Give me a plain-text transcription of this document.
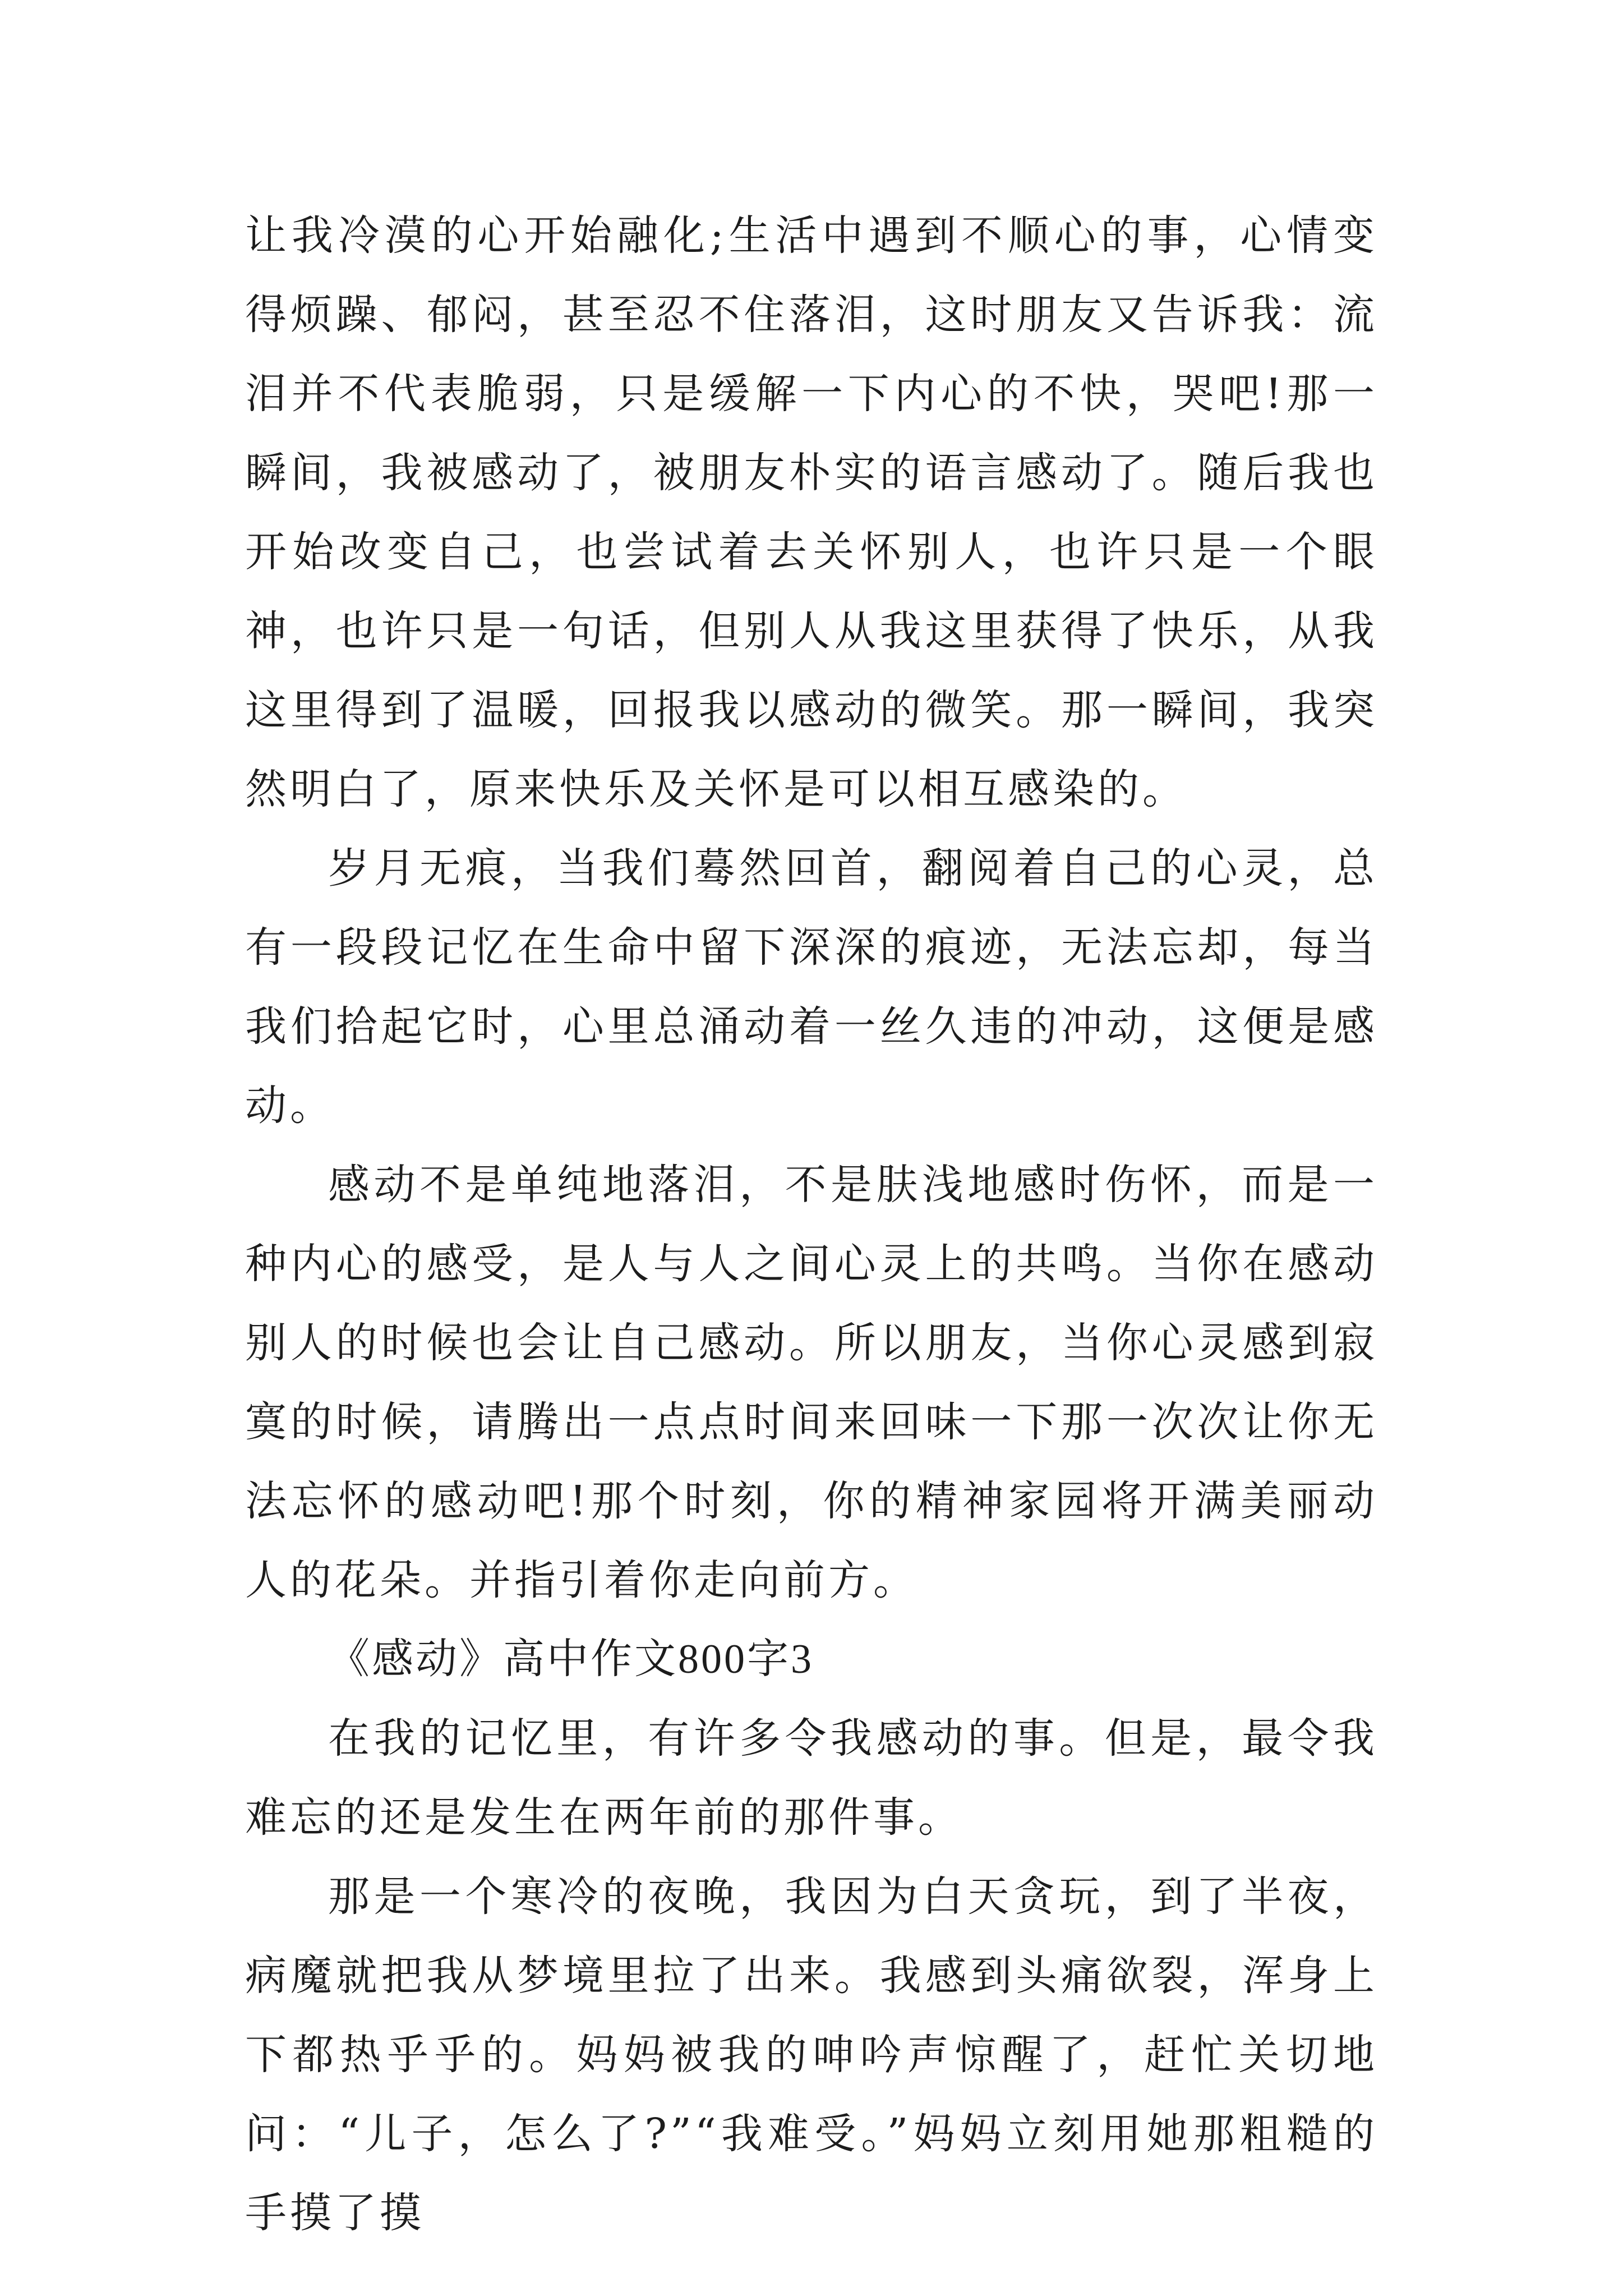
让我冷漠的心开始融化;生活中遇到不顺心的事，心情变得烦躁、郁闷，甚至忍不住落泪，这时朋友又告诉我：流泪并不代表脆弱，只是缓解一下内心的不快，哭吧!那一瞬间，我被感动了，被朋友朴实的语言感动了。随后我也开始改变自己，也尝试着去关怀别人，也许只是一个眼神，也许只是一句话，但别人从我这里获得了快乐，从我这里得到了温暖，回报我以感动的微笑。那一瞬间，我突然明白了，原来快乐及关怀是可以相互感染的。

岁月无痕，当我们蓦然回首，翻阅着自己的心灵，总有一段段记忆在生命中留下深深的痕迹，无法忘却，每当我们拾起它时，心里总涌动着一丝久违的冲动，这便是感动。

感动不是单纯地落泪，不是肤浅地感时伤怀，而是一种内心的感受，是人与人之间心灵上的共鸣。当你在感动别人的时候也会让自己感动。所以朋友，当你心灵感到寂寞的时候，请腾出一点点时间来回味一下那一次次让你无法忘怀的感动吧!那个时刻，你的精神家园将开满美丽动人的花朵。并指引着你走向前方。

《感动》高中作文800字3

在我的记忆里，有许多令我感动的事。但是，最令我难忘的还是发生在两年前的那件事。

那是一个寒冷的夜晚，我因为白天贪玩，到了半夜，病魔就把我从梦境里拉了出来。我感到头痛欲裂，浑身上下都热乎乎的。妈妈被我的呻吟声惊醒了，赶忙关切地问：“儿子，怎么了?”“我难受。”妈妈立刻用她那粗糙的手摸了摸
